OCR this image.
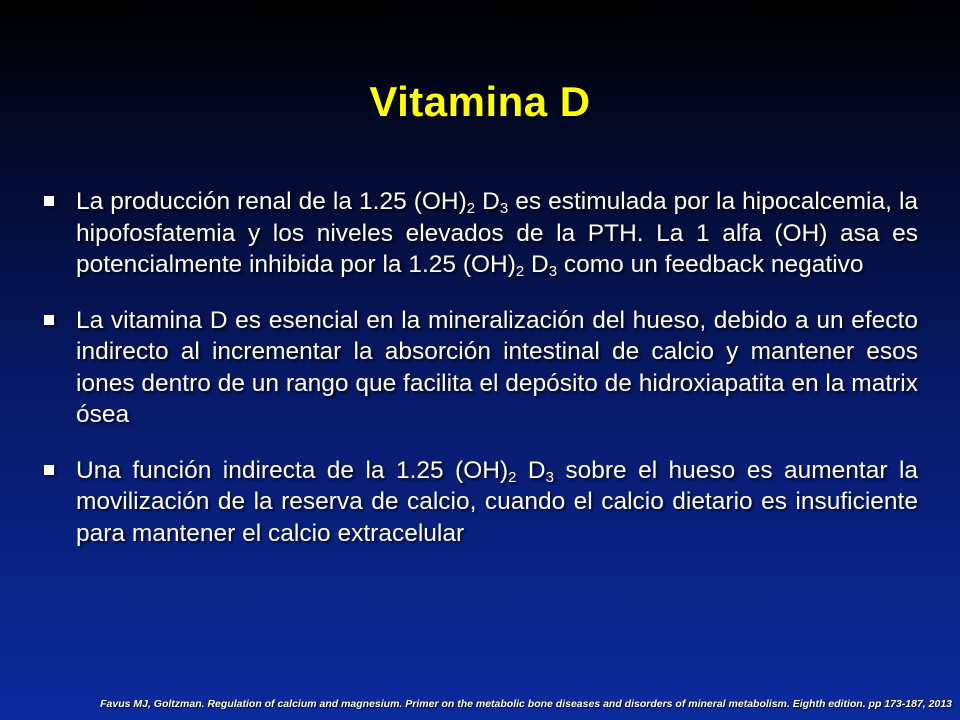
Vitamina D
La producción renal de la 1.25 $(OH)_2$ $D_3$ es estimulada por la hipocalcemia, la hipofosfatemia y los niveles elevados de la PTH. La 1 alfa (OH) asa es potencialmente inhibida por la 1.25 $(OH)_2$ $D_3$ como un feedback negativo
La vitamina D es esencial en la mineralización del hueso, debido a un efecto indirecto al incrementar la absorción intestinal de calcio y mantener esos iones dentro de un rango que facilita el depósito de hidroxiapatita en la matrix ósea
Una función indirecta de la 1.25 $(OH)_2$ $D_3$ sobre el hueso es aumentar la movilización de la reserva de calcio, cuando el calcio dietario es insuficiente para mantener el calcio extracelular
Favus MJ, Goltzman. Regulation of calcium and magnesium. Primer on the metabolic bone diseases and disorders of mineral metabolism. Eighth edition. pp 173-187, 2013
